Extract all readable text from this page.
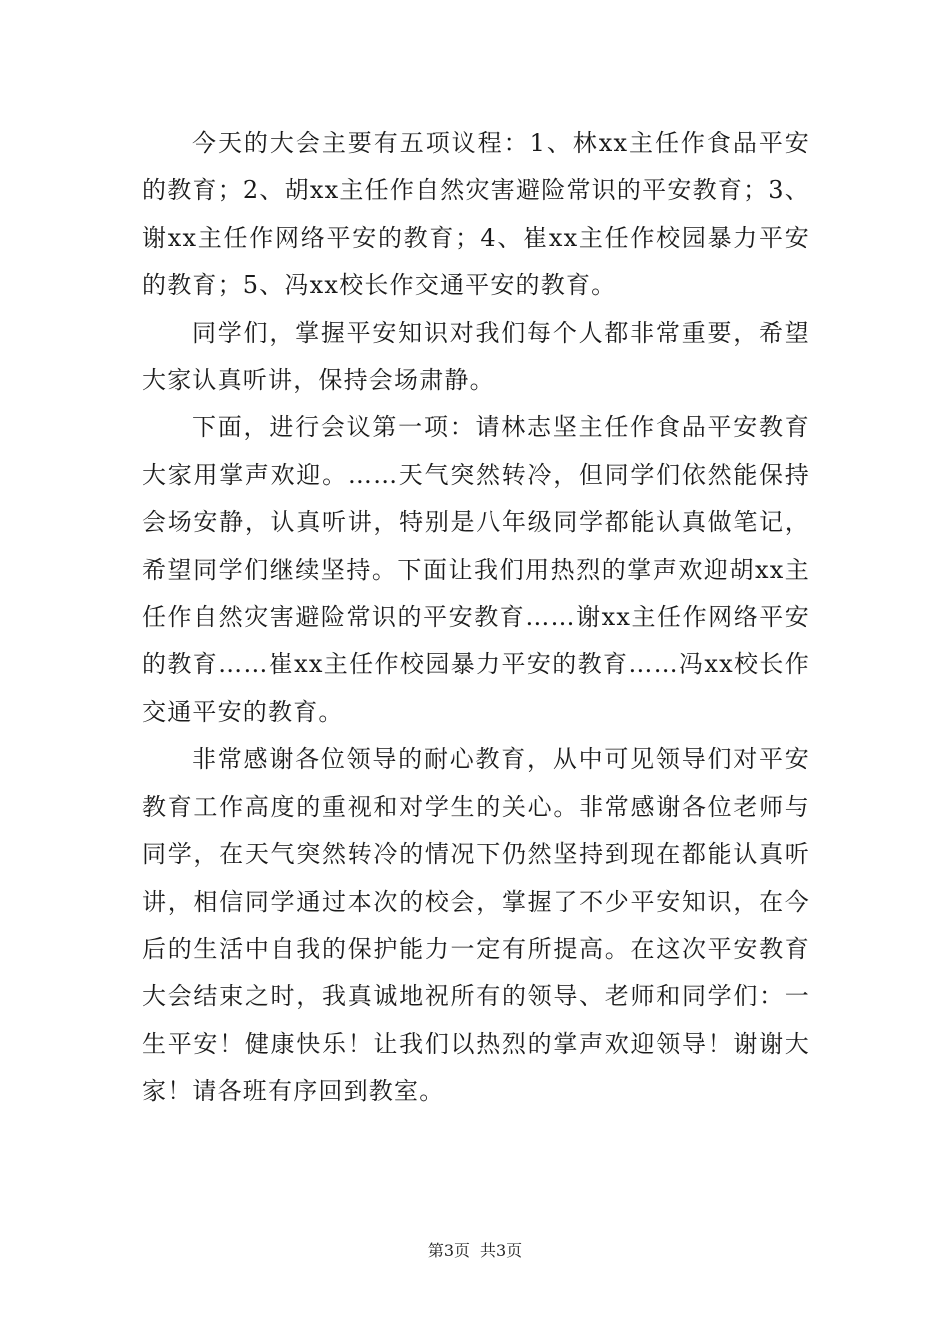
今天的大会主要有五项议程：1、林xx主任作食品平安的教育；2、胡xx主任作自然灾害避险常识的平安教育；3、谢xx主任作网络平安的教育；4、崔xx主任作校园暴力平安的教育；5、冯xx校长作交通平安的教育。

同学们，掌握平安知识对我们每个人都非常重要，希望大家认真听讲，保持会场肃静。

下面，进行会议第一项：请林志坚主任作食品平安教育大家用掌声欢迎。……天气突然转冷，但同学们依然能保持会场安静，认真听讲，特别是八年级同学都能认真做笔记，希望同学们继续坚持。下面让我们用热烈的掌声欢迎胡xx主任作自然灾害避险常识的平安教育……谢xx主任作网络平安的教育……崔xx主任作校园暴力平安的教育……冯xx校长作交通平安的教育。

非常感谢各位领导的耐心教育，从中可见领导们对平安教育工作高度的重视和对学生的关心。非常感谢各位老师与同学，在天气突然转冷的情况下仍然坚持到现在都能认真听讲，相信同学通过本次的校会，掌握了不少平安知识，在今后的生活中自我的保护能力一定有所提高。在这次平安教育大会结束之时，我真诚地祝所有的领导、老师和同学们：一生平安！健康快乐！让我们以热烈的掌声欢迎领导！谢谢大家！请各班有序回到教室。

第3页 共3页
